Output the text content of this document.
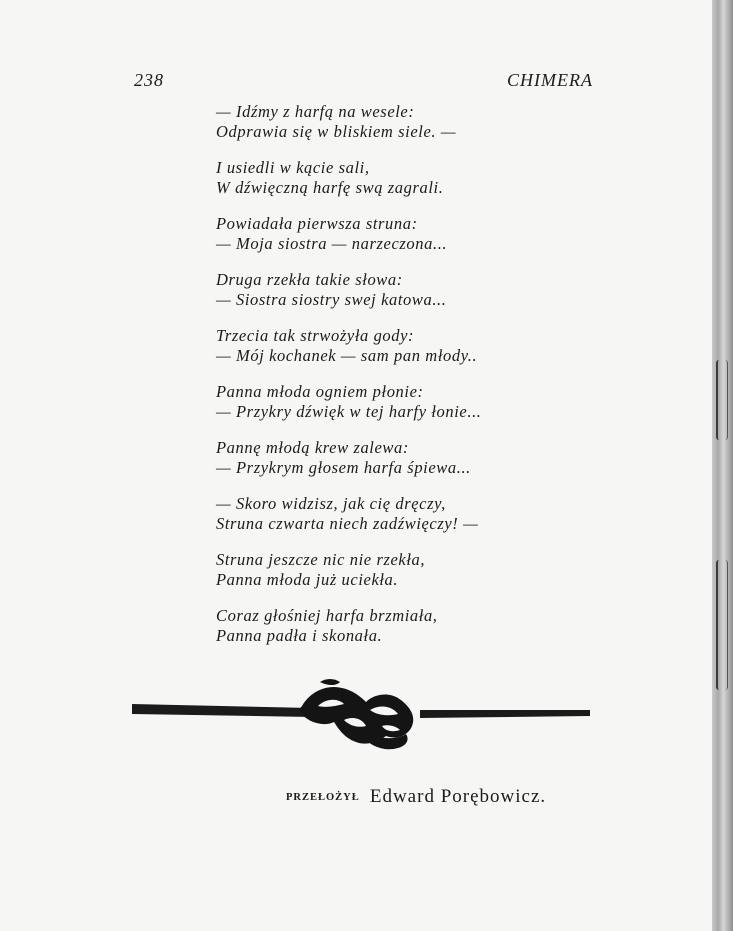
238	CHIMERA
— Idźmy z harfą na wesele:
Odprawia się w bliskiem siele. —
I usiedli w kącie sali,
W dźwięczną harfę swą zagrali.
Powiadała pierwsza struna:
— Moja siostra — narzeczona...
Druga rzekła takie słowa:
— Siostra siostry swej katowa...
Trzecia tak strwożyła gody:
— Mój kochanek — sam pan młody..
Panna młoda ogniem płonie:
— Przykry dźwięk w tej harfy łonie...
Pannę młodą krew zalewa:
— Przykrym głosem harfa śpiewa...
— Skoro widzisz, jak cię dręczy,
Struna czwarta niech zadźwięczy! —
Struna jeszcze nic nie rzekła,
Panna młoda już uciekła.
Coraz głośniej harfa brzmiała,
Panna padła i skonała.
PRZEŁOŻYŁ Edward Porębowicz.
